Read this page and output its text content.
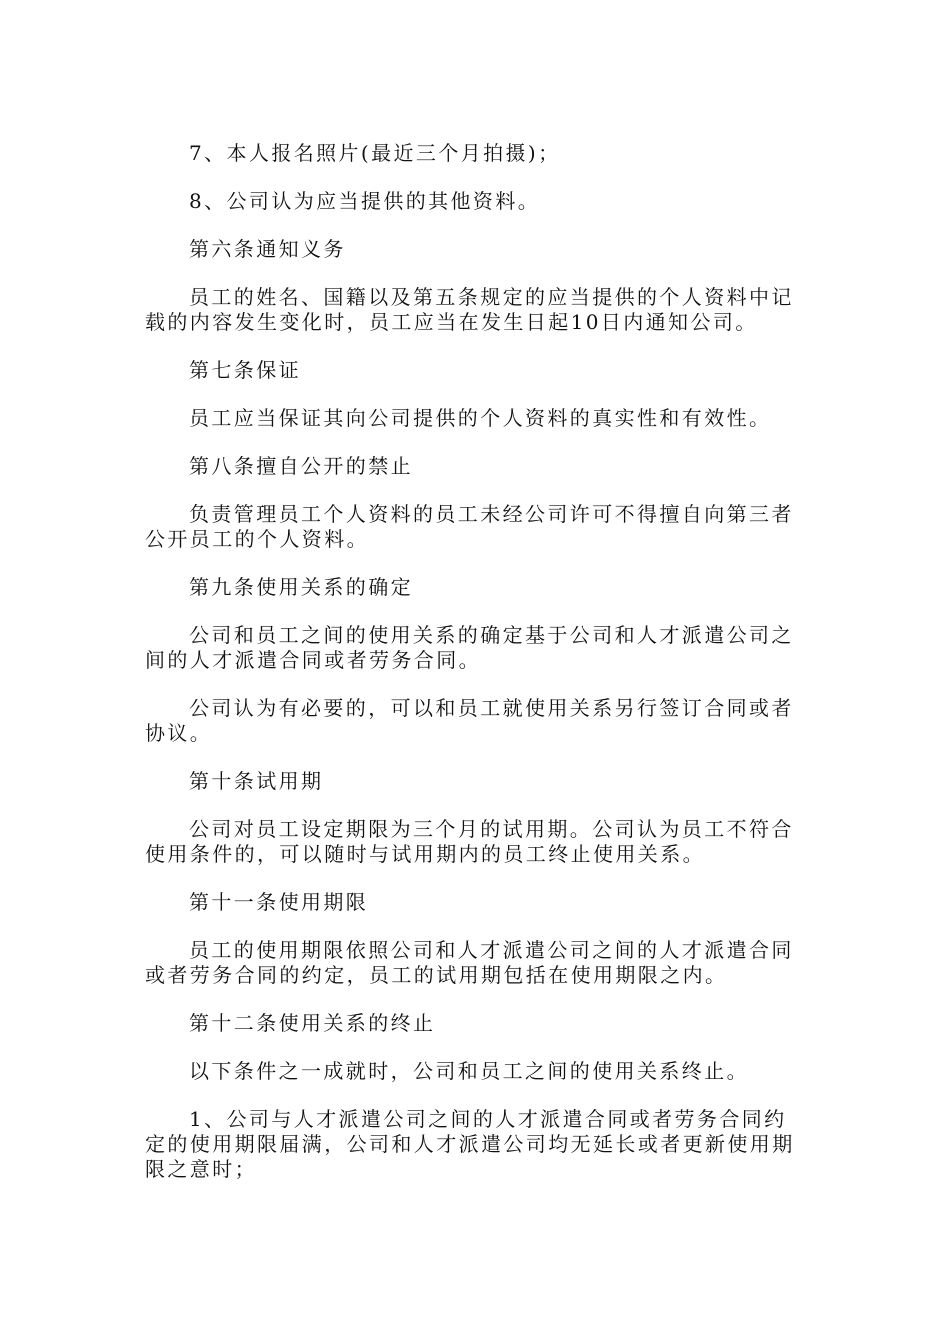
7、本人报名照片(最近三个月拍摄)；

8、公司认为应当提供的其他资料。

第六条通知义务

员工的姓名、国籍以及第五条规定的应当提供的个人资料中记载的内容发生变化时，员工应当在发生日起10日内通知公司。

第七条保证

员工应当保证其向公司提供的个人资料的真实性和有效性。

第八条擅自公开的禁止

负责管理员工个人资料的员工未经公司许可不得擅自向第三者公开员工的个人资料。

第九条使用关系的确定

公司和员工之间的使用关系的确定基于公司和人才派遣公司之间的人才派遣合同或者劳务合同。

公司认为有必要的，可以和员工就使用关系另行签订合同或者协议。

第十条试用期

公司对员工设定期限为三个月的试用期。公司认为员工不符合使用条件的，可以随时与试用期内的员工终止使用关系。

第十一条使用期限

员工的使用期限依照公司和人才派遣公司之间的人才派遣合同或者劳务合同的约定，员工的试用期包括在使用期限之内。

第十二条使用关系的终止

以下条件之一成就时，公司和员工之间的使用关系终止。

1、公司与人才派遣公司之间的人才派遣合同或者劳务合同约定的使用期限届满，公司和人才派遣公司均无延长或者更新使用期限之意时；
